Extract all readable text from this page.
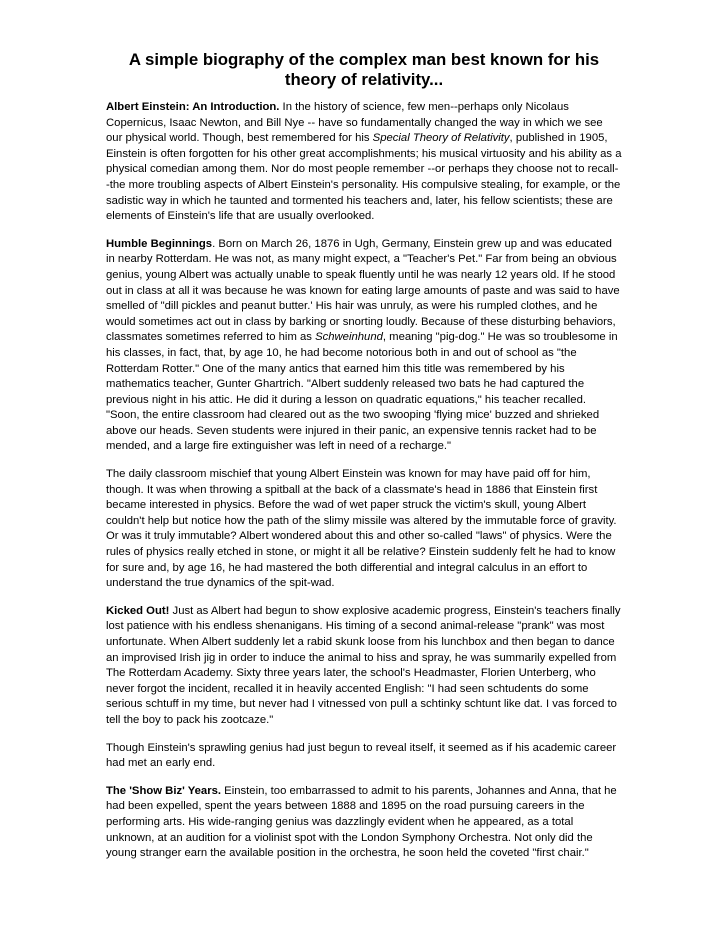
A simple biography of the complex man best known for his theory of relativity...

Albert Einstein: An Introduction. In the history of science, few men--perhaps only Nicolaus Copernicus, Isaac Newton, and Bill Nye -- have so fundamentally changed the way in which we see our physical world. Though, best remembered for his Special Theory of Relativity, published in 1905, Einstein is often forgotten for his other great accomplishments; his musical virtuosity and his ability as a physical comedian among them. Nor do most people remember --or perhaps they choose not to recall--the more troubling aspects of Albert Einstein's personality. His compulsive stealing, for example, or the sadistic way in which he taunted and tormented his teachers and, later, his fellow scientists; these are elements of Einstein's life that are usually overlooked.

Humble Beginnings. Born on March 26, 1876 in Ugh, Germany, Einstein grew up and was educated in nearby Rotterdam. He was not, as many might expect, a "Teacher's Pet." Far from being an obvious genius, young Albert was actually unable to speak fluently until he was nearly 12 years old. If he stood out in class at all it was because he was known for eating large amounts of paste and was said to have smelled of "dill pickles and peanut butter.' His hair was unruly, as were his rumpled clothes, and he would sometimes act out in class by barking or snorting loudly. Because of these disturbing behaviors, classmates sometimes referred to him as Schweinhund, meaning "pig-dog." He was so troublesome in his classes, in fact, that, by age 10, he had become notorious both in and out of school as "the Rotterdam Rotter." One of the many antics that earned him this title was remembered by his mathematics teacher, Gunter Ghartrich. "Albert suddenly released two bats he had captured the previous night in his attic. He did it during a lesson on quadratic equations," his teacher recalled. "Soon, the entire classroom had cleared out as the two swooping 'flying mice' buzzed and shrieked above our heads. Seven students were injured in their panic, an expensive tennis racket had to be mended, and a large fire extinguisher was left in need of a recharge."

The daily classroom mischief that young Albert Einstein was known for may have paid off for him, though. It was when throwing a spitball at the back of a classmate's head in 1886 that Einstein first became interested in physics. Before the wad of wet paper struck the victim's skull, young Albert couldn't help but notice how the path of the slimy missile was altered by the immutable force of gravity. Or was it truly immutable? Albert wondered about this and other so-called "laws" of physics. Were the rules of physics really etched in stone, or might it all be relative? Einstein suddenly felt he had to know for sure and, by age 16, he had mastered the both differential and integral calculus in an effort to understand the true dynamics of the spit-wad.

Kicked Out! Just as Albert had begun to show explosive academic progress, Einstein's teachers finally lost patience with his endless shenanigans. His timing of a second animal-release "prank" was most unfortunate. When Albert suddenly let a rabid skunk loose from his lunchbox and then began to dance an improvised Irish jig in order to induce the animal to hiss and spray, he was summarily expelled from The Rotterdam Academy. Sixty three years later, the school's Headmaster, Florien Unterberg, who never forgot the incident, recalled it in heavily accented English: "I had seen schtudents do some serious schtuff in my time, but never had I vitnessed von pull a schtinky schtunt like dat. I vas forced to tell the boy to pack his zootcaze."

Though Einstein's sprawling genius had just begun to reveal itself, it seemed as if his academic career had met an early end.

The 'Show Biz' Years. Einstein, too embarrassed to admit to his parents, Johannes and Anna, that he had been expelled, spent the years between 1888 and 1895 on the road pursuing careers in the performing arts. His wide-ranging genius was dazzlingly evident when he appeared, as a total unknown, at an audition for a violinist spot with the London Symphony Orchestra. Not only did the young stranger earn the available position in the orchestra, he soon held the coveted "first chair."
